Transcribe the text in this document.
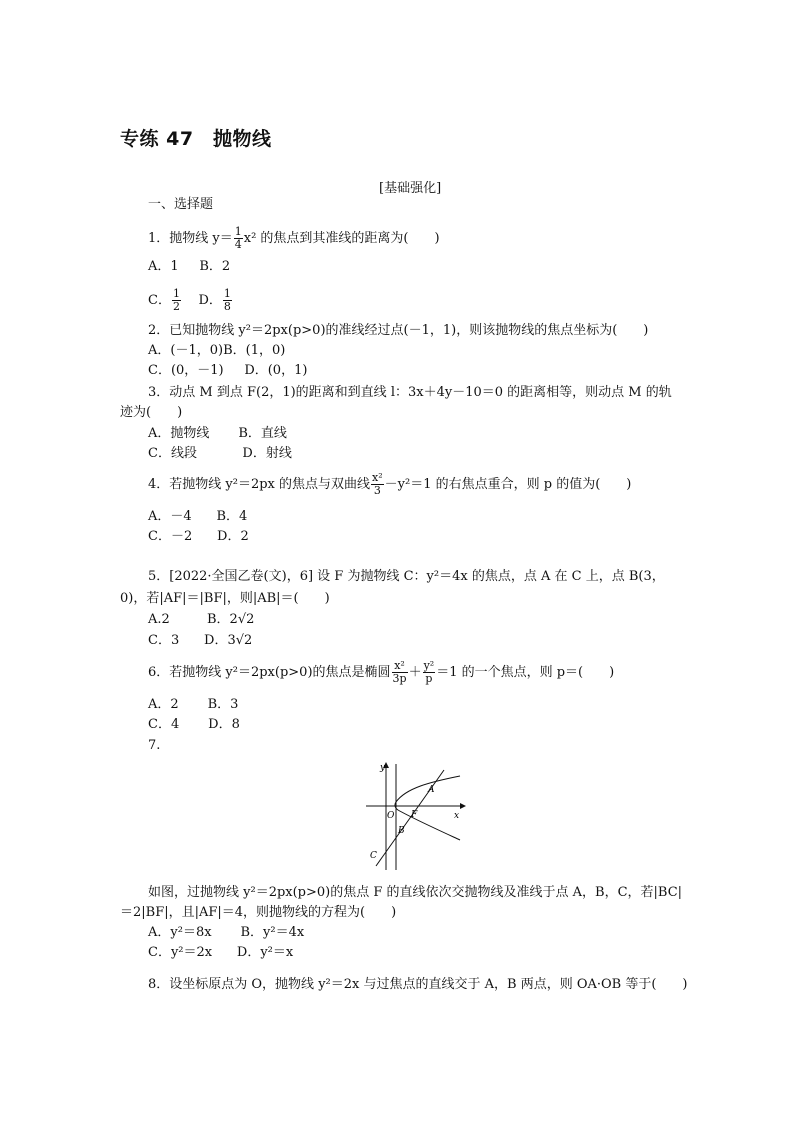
专练 47　抛物线
[基础强化]
一、选择题
1．抛物线 $y= \frac{1}{4} x^2$ 的焦点到其准线的距离为(　　)
A．1 B．2
C． $\frac{1}{2}$ D． $\frac{1}{8}$
2．已知抛物线 y²＝2px(p>0)的准线经过点(－1，1)，则该抛物线的焦点坐标为(　　)
A．(－1，0)B．(1，0)
C．(0，－1) D．(0，1)
3．动点 M 到点 F(2，1)的距离和到直线 l：3x＋4y－10＝0 的距离相等，则动点 M 的轨
迹为(　　)
A．抛物线 B．直线
C．线段	D．射线
4．若抛物线 y²＝2px 的焦点与双曲线 $\frac{\text{x²}}{3} -y^2=1$ 的右焦点重合，则 p 的值为(　　)
A．－4 B．4
C．－2 D．2
5．[2022·全国乙卷(文)，6] 设 F 为抛物线 C：y²＝4x 的焦点，点 A 在 C 上，点 B(3，
0)，若|AF|＝|BF|，则|AB|＝(　　)
A.2	B．2√2
C．3 D．3√2
6．若抛物线 y²＝2px(p>0)的焦点是椭圆 $\frac{\text{x²}}{3p} + \frac{\text{y²}}{p} =1$ 的一个焦点，则 p＝(　　)
A．2 B．3
C．4 D．8
7.
y
x
O F
A
B
C
如图，过抛物线 y²＝2px(p>0)的焦点 F 的直线依次交抛物线及准线于点 A，B，C，若|BC|
＝2|BF|，且|AF|＝4，则抛物线的方程为(　　)
A．y²＝8x B．y²＝4x
C．y²＝2x D．y²＝x
8．设坐标原点为 O，抛物线 y²＝2x 与过焦点的直线交于 A，B 两点，则 OA·OB 等于(　　)
